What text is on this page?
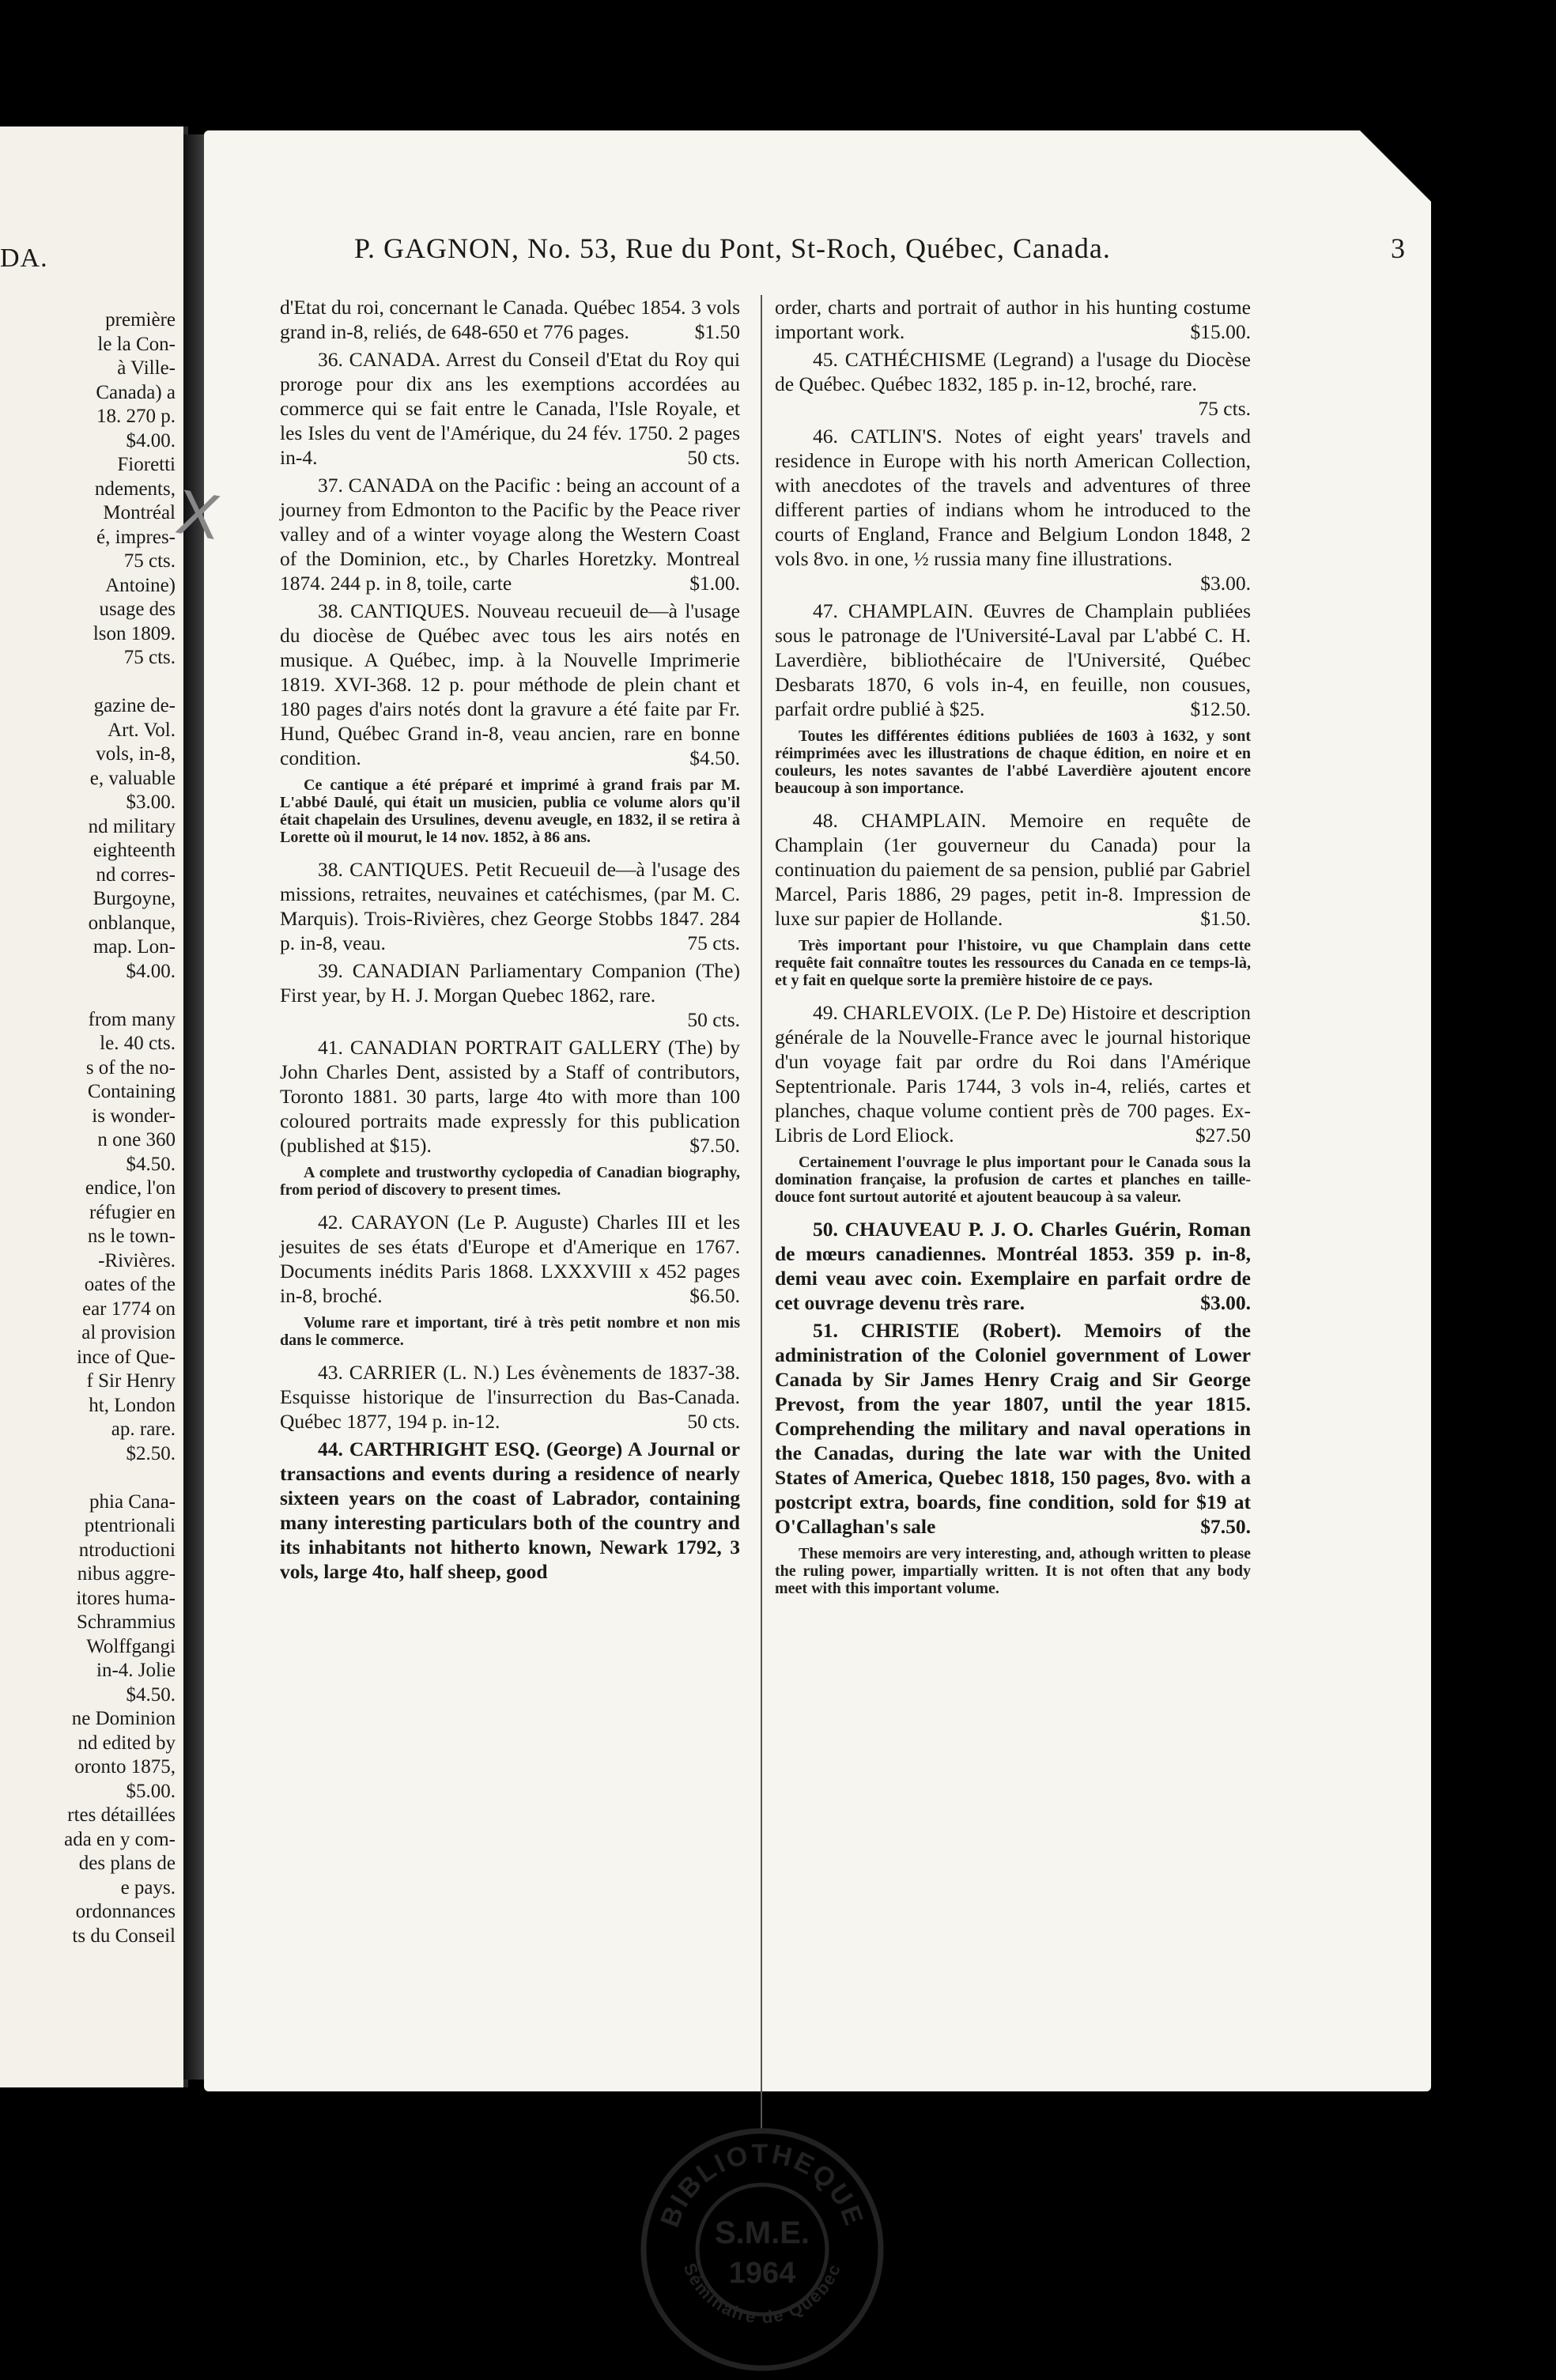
DA.
première
le la Con-
à Ville-
Canada) a
18. 270 p.
$4.00.
Fioretti
ndements,
Montréal
é, impres-
75 cts.
Antoine)
usage des
lson 1809.
75 cts.
gazine de-
Art. Vol.
vols, in-8,
e, valuable
$3.00.
nd military
eighteenth
nd corres-
Burgoyne,
onblanque,
map. Lon-
$4.00.
from many
le. 40 cts.
s of the no-
Containing
is wonder-
n one 360
$4.50.
endice, l'on
réfugier en
ns le town-
-Rivières.
oates of the
ear 1774 on
al provision
ince of Que-
f Sir Henry
ht, London
ap. rare.
$2.50.
phia Cana-
ptentrionali
ntroductioni
nibus aggre-
itores huma-
Schrammius
Wolffgangi
in-4. Jolie
$4.50.
ne Dominion
nd edited by
oronto 1875,
$5.00.
rtes détaillées
ada en y com-
des plans de
e pays.
ordonnances
ts du Conseil
P. GAGNON, No. 53, Rue du Pont, St-Roch, Québec, Canada.	3
d'Etat du roi, concernant le Canada. Québec 1854. 3 vols grand in-8, reliés, de 648-650 et 776 pages.	$1.50
36. CANADA. Arrest du Conseil d'Etat du Roy qui proroge pour dix ans les exemptions accordées au commerce qui se fait entre le Canada, l'Isle Royale, et les Isles du vent de l'Amérique, du 24 fév. 1750. 2 pages in-4.	50 cts.
37. CANADA on the Pacific : being an account of a journey from Edmonton to the Pacific by the Peace river valley and of a winter voyage along the Western Coast of the Dominion, etc., by Charles Horetzky. Montreal 1874. 244 p. in 8, toile, carte	$1.00.
38. CANTIQUES. Nouveau recueuil de—à l'usage du diocèse de Québec avec tous les airs notés en musique. A Québec, imp. à la Nouvelle Imprimerie 1819. XVI-368. 12 p. pour méthode de plein chant et 180 pages d'airs notés dont la gravure a été faite par Fr. Hund, Québec Grand in-8, veau ancien, rare en bonne condition.	$4.50.
Ce cantique a été préparé et imprimé à grand frais par M. L'abbé Daulé, qui était un musicien, publia ce volume alors qu'il était chapelain des Ursulines, devenu aveugle, en 1832, il se retira à Lorette où il mourut, le 14 nov. 1852, à 86 ans.
38. CANTIQUES. Petit Recueuil de—à l'usage des missions, retraites, neuvaines et catéchismes, (par M. C. Marquis). Trois-Rivières, chez George Stobbs 1847. 284 p. in-8, veau.	75 cts.
39. CANADIAN Parliamentary Companion (The) First year, by H. J. Morgan Quebec 1862, rare.
50 cts.
41. CANADIAN PORTRAIT GALLERY (The) by John Charles Dent, assisted by a Staff of contributors, Toronto 1881. 30 parts, large 4to with more than 100 coloured portraits made expressly for this publication (published at $15).	$7.50.
A complete and trustworthy cyclopedia of Canadian biography, from period of discovery to present times.
42. CARAYON (Le P. Auguste) Charles III et les jesuites de ses états d'Europe et d'Amerique en 1767. Documents inédits Paris 1868. LXXXVIII x 452 pages in-8, broché.	$6.50.
Volume rare et important, tiré à très petit nombre et non mis dans le commerce.
43. CARRIER (L. N.) Les évènements de 1837-38. Esquisse historique de l'insurrection du Bas-Canada. Québec 1877, 194 p. in-12.	50 cts.
44. CARTHRIGHT ESQ. (George) A Journal or transactions and events during a residence of nearly sixteen years on the coast of Labrador, containing many interesting particulars both of the country and its inhabitants not hitherto known, Newark 1792, 3 vols, large 4to, half sheep, good
order, charts and portrait of author in his hunting costume important work.	$15.00.
45. CATHÉCHISME (Legrand) a l'usage du Diocèse de Québec. Québec 1832, 185 p. in-12, broché, rare.
75 cts.
46. CATLIN'S. Notes of eight years' travels and residence in Europe with his north American Collection, with anecdotes of the travels and adventures of three different parties of indians whom he introduced to the courts of England, France and Belgium London 1848, 2 vols 8vo. in one, ½ russia many fine illustrations.
$3.00.
47. CHAMPLAIN. Œuvres de Champlain publiées sous le patronage de l'Université-Laval par L'abbé C. H. Laverdière, bibliothécaire de l'Université, Québec Desbarats 1870, 6 vols in-4, en feuille, non cousues, parfait ordre publié à $25.	$12.50.
Toutes les différentes éditions publiées de 1603 à 1632, y sont réimprimées avec les illustrations de chaque édition, en noire et en couleurs, les notes savantes de l'abbé Laverdière ajoutent encore beaucoup à son importance.
48. CHAMPLAIN. Memoire en requête de Champlain (1er gouverneur du Canada) pour la continuation du paiement de sa pension, publié par Gabriel Marcel, Paris 1886, 29 pages, petit in-8. Impression de luxe sur papier de Hollande.	$1.50.
Très important pour l'histoire, vu que Champlain dans cette requête fait connaître toutes les ressources du Canada en ce temps-là, et y fait en quelque sorte la première histoire de ce pays.
49. CHARLEVOIX. (Le P. De) Histoire et description générale de la Nouvelle-France avec le journal historique d'un voyage fait par ordre du Roi dans l'Amérique Septentrionale. Paris 1744, 3 vols in-4, reliés, cartes et planches, chaque volume contient près de 700 pages. Ex-Libris de Lord Eliock.	$27.50
Certainement l'ouvrage le plus important pour le Canada sous la domination française, la profusion de cartes et planches en taille-douce font surtout autorité et ajoutent beaucoup à sa valeur.
50. CHAUVEAU P. J. O. Charles Guérin, Roman de mœurs canadiennes. Montréal 1853. 359 p. in-8, demi veau avec coin. Exemplaire en parfait ordre de cet ouvrage devenu très rare.	$3.00.
51. CHRISTIE (Robert). Memoirs of the administration of the Coloniel government of Lower Canada by Sir James Henry Craig and Sir George Prevost, from the year 1807, until the year 1815. Comprehending the military and naval operations in the Canadas, during the late war with the United States of America, Quebec 1818, 150 pages, 8vo. with a postcript extra, boards, fine condition, sold for $19 at O'Callaghan's sale	$7.50.
These memoirs are very interesting, and, athough written to please the ruling power, impartially written. It is not often that any body meet with this important volume.
BIBLIOTHEQUE
Séminaire de Québec
S.M.E.
1964
X
